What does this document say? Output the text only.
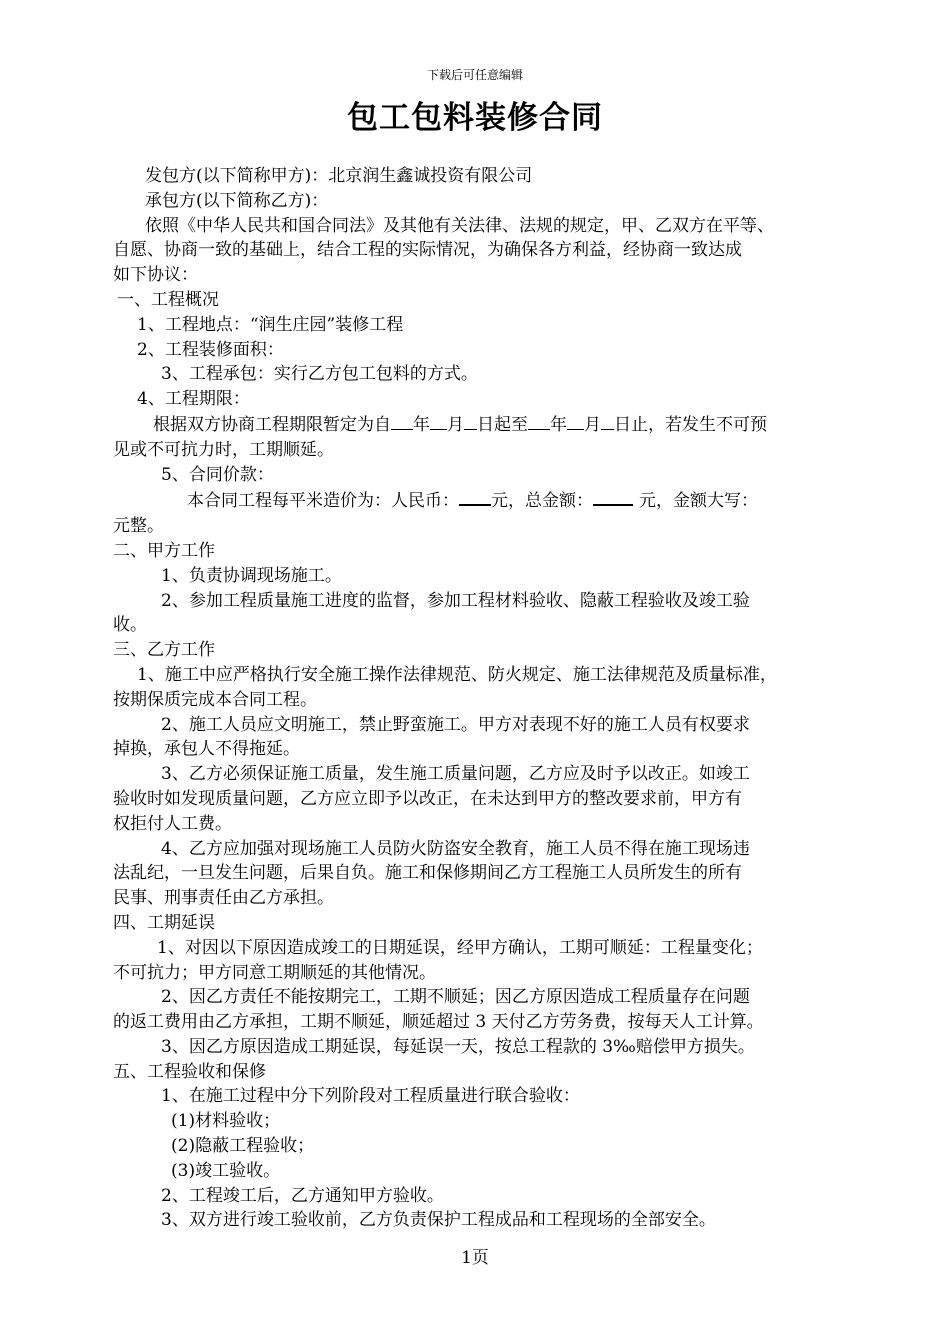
下载后可任意编辑
包工包料装修合同

发包方(以下简称甲方)：北京润生鑫诚投资有限公司

承包方(以下简称乙方)：

依照《中华人民共和国合同法》及其他有关法律、法规的规定，甲、乙双方在平等、

自愿、协商一致的基础上，结合工程的实际情况，为确保各方利益，经协商一致达成

如下协议：

一、工程概况

1、工程地点：“润生庄园”装修工程

2、工程装修面积：

3、工程承包：实行乙方包工包料的方式。

4、工程期限：

根据双方协商工程期限暂定为自 年 月 日起至 年 月 日止，若发生不可预

见或不可抗力时，工期顺延。

5、合同价款：

本合同工程每平米造价为：人民币： 元，总金额：	元，金额大写：

元整。

二、甲方工作

1、负责协调现场施工。

2、参加工程质量施工进度的监督，参加工程材料验收、隐蔽工程验收及竣工验

收。

三、乙方工作

1、施工中应严格执行安全施工操作法律规范、防火规定、施工法律规范及质量标准，

按期保质完成本合同工程。

2、施工人员应文明施工，禁止野蛮施工。甲方对表现不好的施工人员有权要求

掉换，承包人不得拖延。

3、乙方必须保证施工质量，发生施工质量问题，乙方应及时予以改正。如竣工

验收时如发现质量问题，乙方应立即予以改正，在未达到甲方的整改要求前，甲方有

权拒付人工费。

4、乙方应加强对现场施工人员防火防盗安全教育，施工人员不得在施工现场违

法乱纪，一旦发生问题，后果自负。施工和保修期间乙方工程施工人员所发生的所有

民事、刑事责任由乙方承担。

四、工期延误

1、对因以下原因造成竣工的日期延误，经甲方确认，工期可顺延：工程量变化；

不可抗力；甲方同意工期顺延的其他情况。

2、因乙方责任不能按期完工，工期不顺延；因乙方原因造成工程质量存在问题

的返工费用由乙方承担，工期不顺延，顺延超过 3 天付乙方劳务费，按每天人工计算。

3、因乙方原因造成工期延误，每延误一天，按总工程款的 3‰赔偿甲方损失。

五、工程验收和保修

1、在施工过程中分下列阶段对工程质量进行联合验收：

(1)材料验收；

(2)隐蔽工程验收；

(3)竣工验收。

2、工程竣工后，乙方通知甲方验收。

3、双方进行竣工验收前，乙方负责保护工程成品和工程现场的全部安全。

1页
